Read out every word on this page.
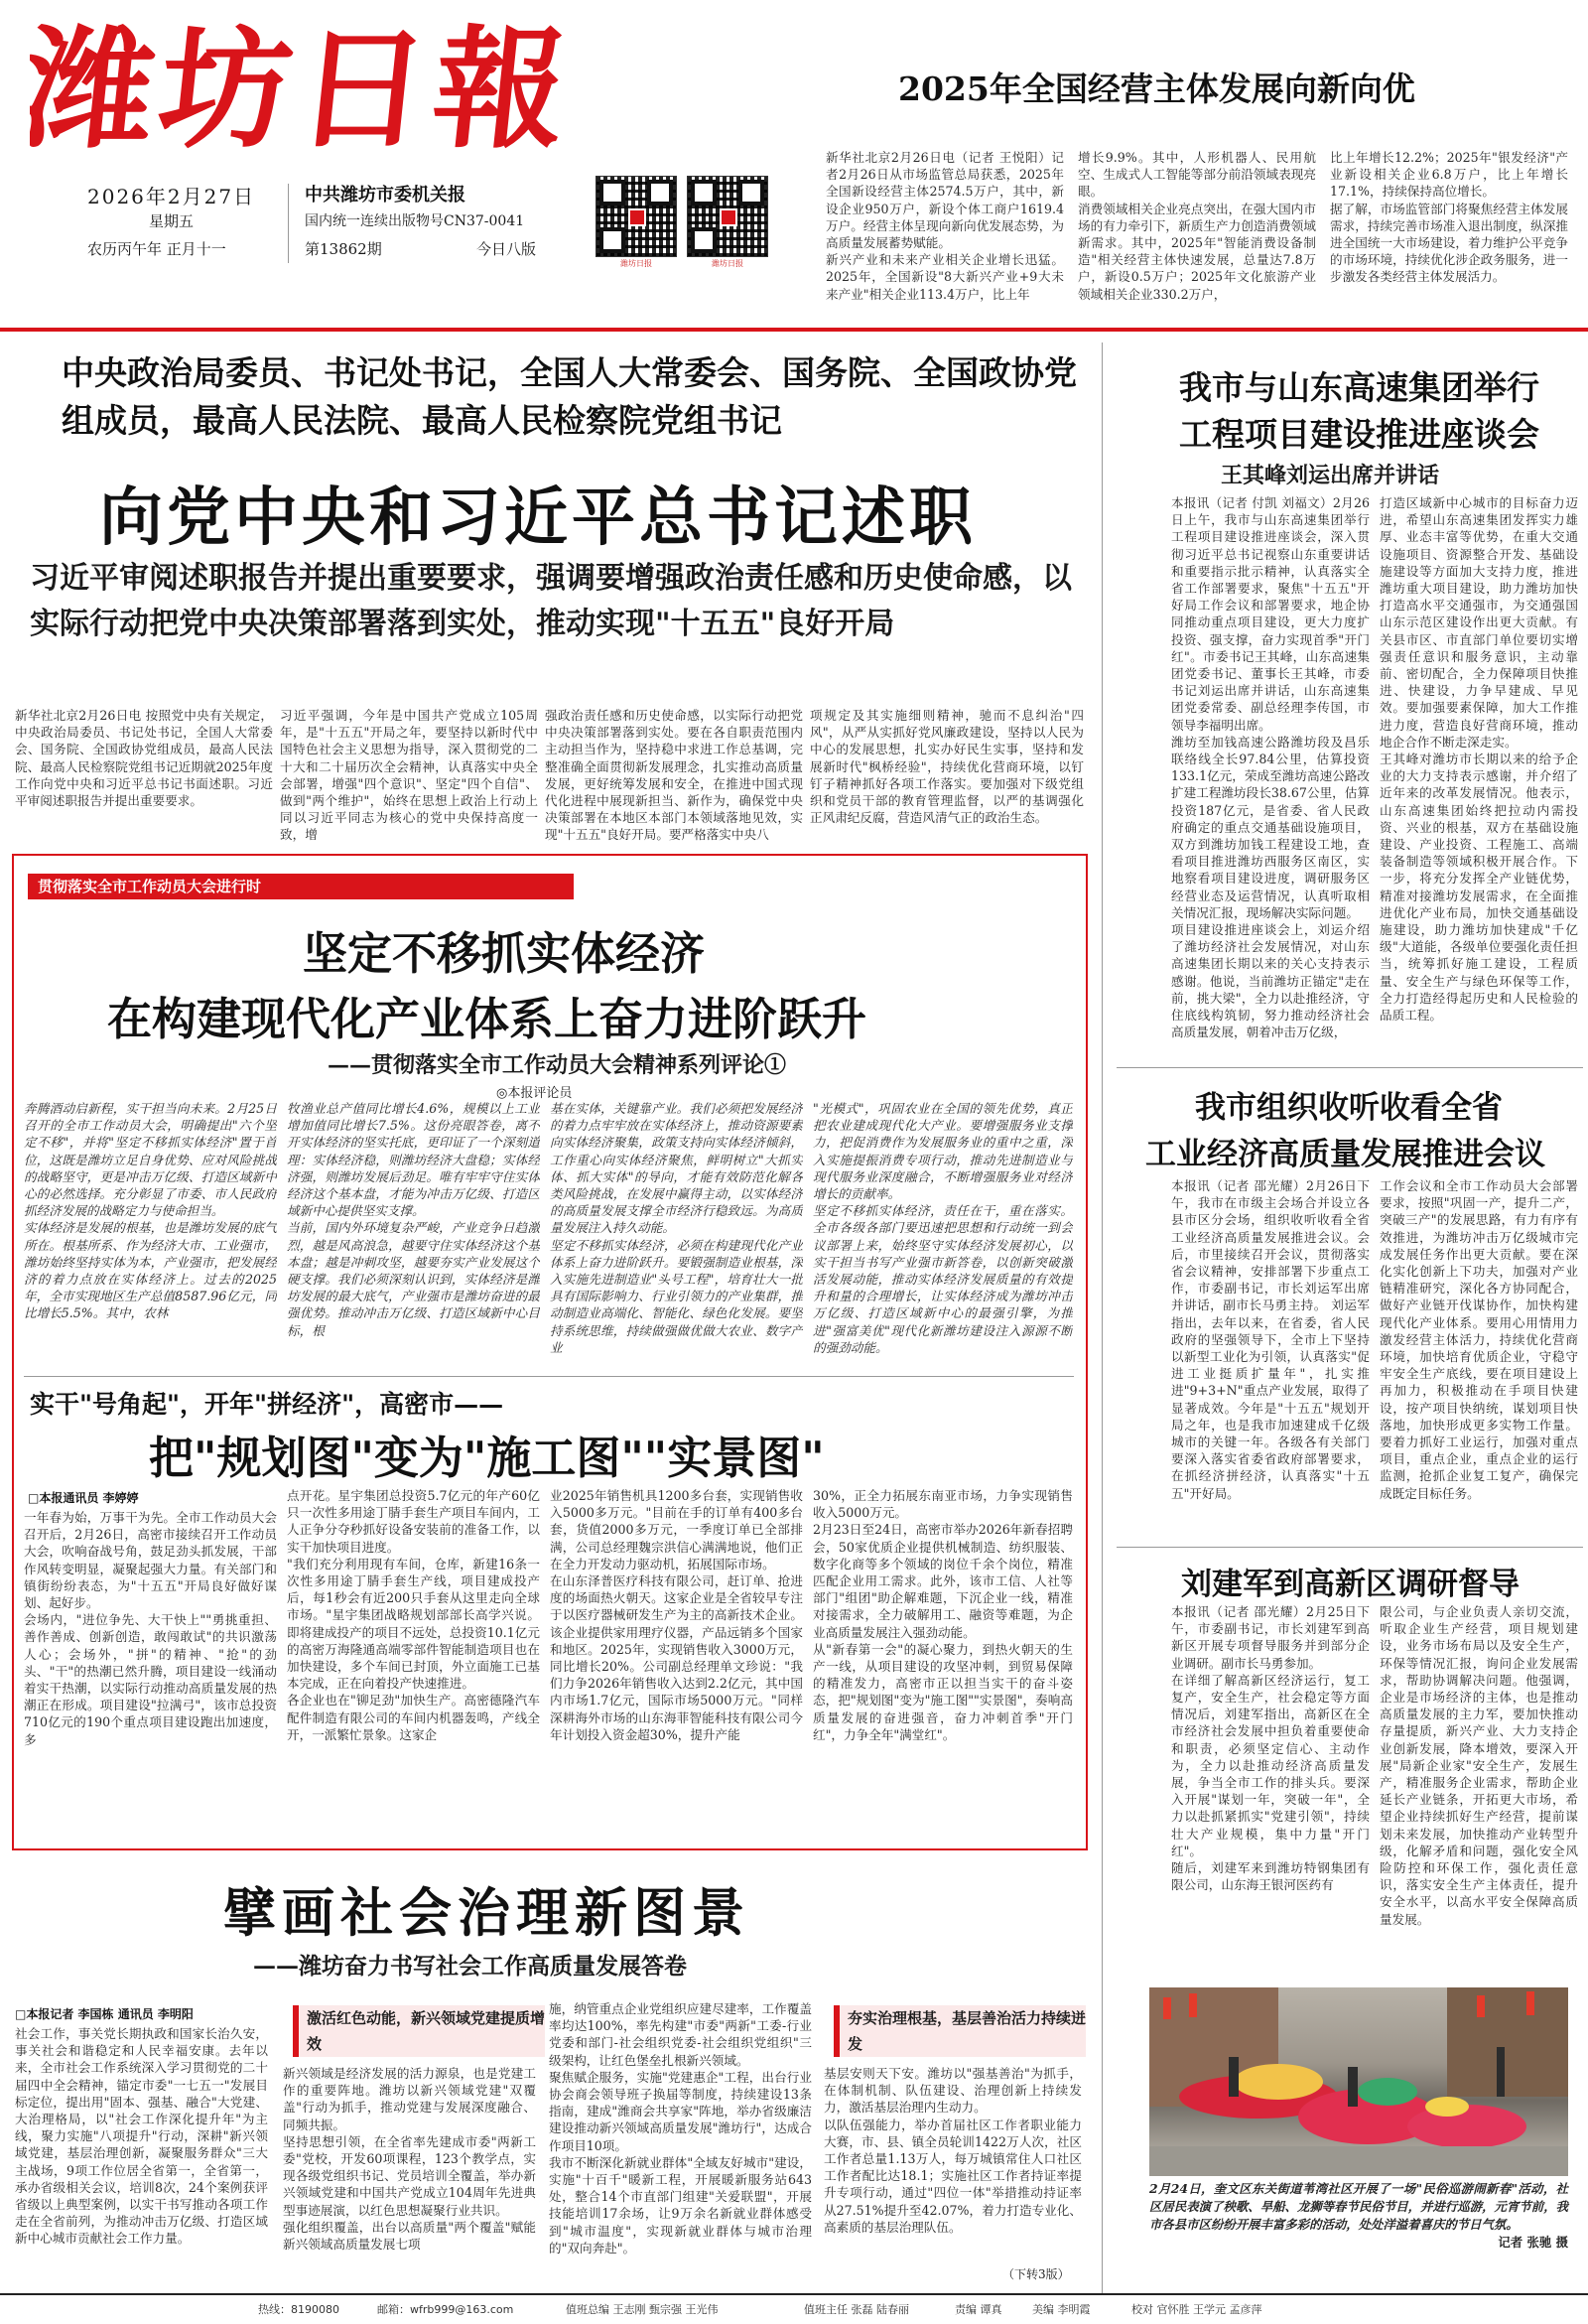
潍坊日報	2025年全国经营主体发展向新向优
2026年2月27日
星期五
农历丙午年 正月十一
中共潍坊市委机关报
国内统一连续出版物号CN37-0041
第13862期	今日八版
潍坊日报	潍坊日报
新华社北京2月26日电（记者 王悦阳）记者2月26日从市场监管总局获悉，2025年全国新设经营主体2574.5万户，其中，新设企业950万户，新设个体工商户1619.4万户。经营主体呈现向新向优发展态势，为高质量发展蓄势赋能。
新兴产业和未来产业相关企业增长迅猛。2025年，全国新设"8大新兴产业+9大未来产业"相关企业113.4万户，比上年
增长9.9%。其中，人形机器人、民用航空、生成式人工智能等部分前沿领域表现亮眼。
消费领域相关企业亮点突出，在强大国内市场的有力牵引下，新质生产力创造消费领域新需求。其中，2025年"智能消费设备制造"相关经营主体快速发展，总量达7.8万户，新设0.5万户；2025年文化旅游产业领域相关企业330.2万户，
比上年增长12.2%；2025年"银发经济"产业新设相关企业6.8万户，比上年增长17.1%，持续保持高位增长。
据了解，市场监管部门将聚焦经营主体发展需求，持续完善市场准入退出制度，纵深推进全国统一大市场建设，着力维护公平竞争的市场环境，持续优化涉企政务服务，进一步激发各类经营主体发展活力。
中央政治局委员、书记处书记，全国人大常委会、国务院、全国政协党组成员，最高人民法院、最高人民检察院党组书记
向党中央和习近平总书记述职
习近平审阅述职报告并提出重要要求，强调要增强政治责任感和历史使命感，以实际行动把党中央决策部署落到实处，推动实现"十五五"良好开局
新华社北京2月26日电 按照党中央有关规定，中央政治局委员、书记处书记，全国人大常委会、国务院、全国政协党组成员，最高人民法院、最高人民检察院党组书记近期就2025年度工作向党中央和习近平总书记书面述职。习近平审阅述职报告并提出重要要求。
习近平强调，今年是中国共产党成立105周年，是"十五五"开局之年，要坚持以新时代中国特色社会主义思想为指导，深入贯彻党的二十大和二十届历次全会精神，认真落实中央全会部署，增强"四个意识"、坚定"四个自信"、做到"两个维护"，始终在思想上政治上行动上同以习近平同志为核心的党中央保持高度一致，增
强政治责任感和历史使命感，以实际行动把党中央决策部署落到实处。要在各自职责范围内主动担当作为，坚持稳中求进工作总基调，完整准确全面贯彻新发展理念，扎实推动高质量发展，更好统筹发展和安全，在推进中国式现代化进程中展现新担当、新作为，确保党中央决策部署在本地区本部门本领域落地见效，实现"十五五"良好开局。要严格落实中央八
项规定及其实施细则精神，驰而不息纠治"四风"，从严从实抓好党风廉政建设，坚持以人民为中心的发展思想，扎实办好民生实事，坚持和发展新时代"枫桥经验"，持续优化营商环境，以钉钉子精神抓好各项工作落实。要加强对下级党组织和党员干部的教育管理监督，以严的基调强化正风肃纪反腐，营造风清气正的政治生态。
贯彻落实全市工作动员大会进行时
坚定不移抓实体经济
在构建现代化产业体系上奋力进阶跃升
——贯彻落实全市工作动员大会精神系列评论①
◎本报评论员
奔腾酒动启新程，实干担当向未来。2月25日召开的全市工作动员大会，明确提出"六个坚定不移"，并将"坚定不移抓实体经济"置于首位，这既是潍坊立足自身优势、应对风险挑战的战略坚守，更是冲击万亿级、打造区域新中心的必然选择。充分彰显了市委、市人民政府抓经济发展的战略定力与使命担当。
实体经济是发展的根基，也是潍坊发展的底气所在。根基所系、作为经济大市、工业强市，潍坊始终坚持实体为本，产业强市，把发展经济的着力点放在实体经济上。过去的2025年，全市实现地区生产总值8587.96亿元，同比增长5.5%。其中，农林
牧渔业总产值同比增长4.6%，规模以上工业增加值同比增长7.5%。这份亮眼答卷，离不开实体经济的坚实托底，更印证了一个深刻道理：实体经济稳，则潍坊经济大盘稳；实体经济强，则潍坊发展后劲足。唯有牢牢守住实体经济这个基本盘，才能为冲击万亿级、打造区域新中心提供坚实支撑。
当前，国内外环境复杂严峻，产业竞争日趋激烈，越是风高浪急，越要守住实体经济这个基本盘；越是冲刺攻坚，越要夯实产业发展这个硬支撑。我们必须深刻认识到，实体经济是潍坊发展的最大底气，产业强市是潍坊奋进的最强优势。推动冲击万亿级、打造区域新中心目标，根
基在实体，关键靠产业。我们必须把发展经济的着力点牢牢放在实体经济上，推动资源要素向实体经济聚集，政策支持向实体经济倾斜，工作重心向实体经济聚焦，鲜明树立"大抓实体、抓大实体"的导向，才能有效防范化解各类风险挑战，在发展中赢得主动，以实体经济的高质量发展支撑全市经济行稳致远。为高质量发展注入持久动能。
坚定不移抓实体经济，必须在构建现代化产业体系上奋力进阶跃升。要锻强制造业根基，深入实施先进制造业"头号工程"，培育壮大一批具有国际影响力、行业引领力的产业集群，推动制造业高端化、智能化、绿色化发展。要坚持系统思维，持续做强做优做大农业、数字产业
"光模式"，巩固农业在全国的领先优势，真正把农业建成现代化大产业。要增强服务业支撑力，把促消费作为发展服务业的重中之重，深入实施提振消费专项行动，推动先进制造业与现代服务业深度融合，不断增强服务业对经济增长的贡献率。
坚定不移抓实体经济，责任在干，重在落实。全市各级各部门要迅速把思想和行动统一到会议部署上来，始终坚守实体经济发展初心，以实干担当书写产业强市新答卷，以创新突破激活发展动能，推动实体经济发展质量的有效提升和量的合理增长，让实体经济成为潍坊冲击万亿级、打造区域新中心的最强引擎，为推进"强富美优"现代化新潍坊建设注入源源不断的强劲动能。
实干"号角起"，开年"拼经济"，高密市——
把"规划图"变为"施工图""实景图"
□本报通讯员 李婷婷
一年春为始，万事干为先。全市工作动员大会召开后，2月26日，高密市接续召开工作动员大会，吹响奋战号角，鼓足劲头抓发展，干部作风转变明显，凝聚起强大力量。有关部门和镇街纷纷表态，为"十五五"开局良好做好谋划、起好步。
会场内，"进位争先、大干快上""勇挑重担、善作善成、创新创造，敢闯敢试"的共识激荡人心；会场外，"拼"的精神、"抢"的劲头、"干"的热潮已然升腾，项目建设一线涌动着实干热潮，以实际行动推动高质量发展的热潮正在形成。项目建设"拉满弓"，该市总投资710亿元的190个重点项目建设跑出加速度，多
点开花。星宇集团总投资5.7亿元的年产60亿只一次性多用途丁腈手套生产项目车间内，工人正争分夺秒抓好设备安装前的准备工作，以实干加快项目进度。
"我们充分利用现有车间，仓库，新建16条一次性多用途丁腈手套生产线，项目建成投产后，每1秒会有近200只手套从这里走向全球市场。"星宇集团战略规划部部长高学兴说。即将建成投产的项目不远处，总投资10.1亿元的高密万海隆通高端零部件智能制造项目也在加快建设，多个车间已封顶，外立面施工已基本完成，正在向着投产快速推进。
各企业也在"铆足劲"加快生产。高密德隆汽车配件制造有限公司的车间内机器轰鸣，产线全开，一派繁忙景象。这家企
业2025年销售机具1200多台套，实现销售收入5000多万元。"目前在手的订单有400多台套，货值2000多万元，一季度订单已全部排满，公司总经理魏宗洪信心满满地说，他们正在全力开发动力驱动机，拓展国际市场。
在山东泽普医疗科技有限公司，赶订单、抢进度的场面热火朝天。这家企业是全省较早专注于以医疗器械研发生产为主的高新技术企业。该企业提供家用理疗仪器，产品远销多个国家和地区。2025年，实现销售收入3000万元，同比增长20%。公司副总经理单文珍说："我们力争2026年销售收入达到2.2亿元，其中国内市场1.7亿元，国际市场5000万元。"同样深耕海外市场的山东海菲智能科技有限公司今年计划投入资金超30%，提升产能
30%，正全力拓展东南亚市场，力争实现销售收入5000万元。
2月23日至24日，高密市举办2026年新春招聘会，50家优质企业提供机械制造、纺织服装、数字化商等多个领域的岗位千余个岗位，精准匹配企业用工需求。此外，该市工信、人社等部门"组团"助企解难题，下沉企业一线，精准对接需求，全力破解用工、融资等难题，为企业高质量发展注入强劲动能。
从"新春第一会"的凝心聚力，到热火朝天的生产一线，从项目建设的攻坚冲刺，到贸易保障的精准发力，高密市正以担当实干的奋斗姿态，把"规划图"变为"施工图""实景图"，奏响高质量发展的奋进强音，奋力冲刺首季"开门红"，力争全年"满堂红"。
擘画社会治理新图景
——潍坊奋力书写社会工作高质量发展答卷
□本报记者 李国栋 通讯员 李明阳
社会工作，事关党长期执政和国家长治久安，事关社会和谐稳定和人民幸福安康。去年以来，全市社会工作系统深入学习贯彻党的二十届四中全会精神，锚定市委"一七五一"发展目标定位，提出用"固本、强基、融合"大党建、大治理格局，以"社会工作深化提升年"为主线，聚力实施"八项提升"行动，深耕"新兴领域党建，基层治理创新，凝聚服务群众"三大主战场，9项工作位居全省第一，全省第一，承办省级相关会议，培训8次，24个案例获评省级以上典型案例，以实干书写推动各项工作走在全省前列，为推动冲击万亿级、打造区域新中心城市贡献社会工作力量。
激活红色动能，新兴领域党建提质增效
新兴领域是经济发展的活力源泉，也是党建工作的重要阵地。潍坊以新兴领域党建"双覆盖"行动为抓手，推动党建与发展深度融合、同频共振。
坚持思想引领，在全省率先建成市委"两新工委"党校，开发60项课程，123个教学点，实现各级党组织书记、党员培训全覆盖，举办新兴领域党建和中国共产党成立104周年先进典型事迹展演，以红色思想凝聚行业共识。
强化组织覆盖，出台以高质量"两个覆盖"赋能新兴领域高质量发展七项
施，纳管重点企业党组织应建尽建率，工作覆盖率均达100%，率先构建"市委"两新"工委-行业党委和部门-社会组织党委-社会组织党组织"三级架构，让红色堡垒扎根新兴领域。
聚焦赋企服务，实施"党建惠企"工程，出台行业协会商会领导班子换届等制度，持续建设13条指南，建成"潍商会共享家"阵地，举办省级廉洁建设推动新兴领域高质量发展"潍坊行"，达成合作项目10项。
我市不断深化新就业群体"全域友好城市"建设，实施"十百千"暖新工程，开展暖新服务站643处，整合14个市直部门组建"关爱联盟"，开展技能培训17余场，让9万余名新就业群体感受到"城市温度"，实现新就业群体与城市治理的"双向奔赴"。
夯实治理根基，基层善治活力持续迸发
基层安则天下安。潍坊以"强基善治"为抓手，在体制机制、队伍建设、治理创新上持续发力，激活基层治理内生动力。
以队伍强能力，举办首届社区工作者职业能力大赛，市、县、镇全员轮训1422万人次，社区工作者总量1.13万人，每万城镇常住人口社区工作者配比达18.1；实施社区工作者持证率提升专项行动，通过"四位一体"举措推动持证率从27.51%提升至42.07%，着力打造专业化、高素质的基层治理队伍。
（下转3版）
我市与山东高速集团举行
工程项目建设推进座谈会
王其峰刘运出席并讲话
本报讯（记者 付凯 刘福文）2月26日上午，我市与山东高速集团举行工程项目建设推进座谈会，深入贯彻习近平总书记视察山东重要讲话和重要指示批示精神，认真落实全省工作部署要求，聚焦"十五五"开好局工作会议和部署要求，地企协同推动重点项目建设，更大力度扩投资、强支撑，奋力实现首季"开门红"。市委书记王其峰，山东高速集团党委书记、董事长王其峰，市委书记刘运出席并讲话，山东高速集团党委常委、副总经理李传国，市领导李福明出席。
潍坊至加钱高速公路潍坊段及昌乐联络线全长97.84公里，估算投资133.1亿元，荣成至潍坊高速公路改扩建工程潍坊段长38.67公里，估算投资187亿元，是省委、省人民政府确定的重点交通基础设施项目，双方到潍坊加钱工程建设工地，查看项目推进潍坊西服务区南区，实地察看项目建设进度，调研服务区经营业态及运营情况，认真听取相关情况汇报，现场解决实际问题。
项目建设推进座谈会上，刘运介绍了潍坊经济社会发展情况，对山东高速集团长期以来的关心支持表示感谢。他说，当前潍坊正锚定"走在前，挑大梁"，全力以赴推经济，守住底线构筑韧，努力推动经济社会高质量发展，朝着冲击万亿级，
打造区域新中心城市的目标奋力迈进，希望山东高速集团发挥实力雄厚、业态丰富等优势，在重大交通设施项目、资源整合开发、基础设施建设等方面加大支持力度，推进潍坊重大项目建设，助力潍坊加快打造高水平交通强市，为交通强国山东示范区建设作出更大贡献。有关县市区、市直部门单位要切实增强责任意识和服务意识，主动靠前、密切配合，全力保障项目快推进、快建设，力争早建成、早见效。要加强要素保障，加大工作推进力度，营造良好营商环境，推动地企合作不断走深走实。
王其峰对潍坊市长期以来的给予企业的大力支持表示感谢，并介绍了近年来的改革发展情况。他表示，山东高速集团始终把拉动内需投资、兴业的根基，双方在基础设施建设、产业投资、工程施工、高端装备制造等领域积极开展合作。下一步，将充分发挥全产业链优势，精准对接潍坊发展需求，在全面推进优化产业布局，加快交通基础设施建设，助力潍坊加快建成"千亿级"大道能，各级单位要强化责任担当，统筹抓好施工建设，工程质量、安全生产与绿色环保等工作，全力打造经得起历史和人民检验的品质工程。
我市组织收听收看全省
工业经济高质量发展推进会议
本报讯（记者 邵光耀）2月26日下午，我市在市级主会场合并设立各县市区分会场，组织收听收看全省工业经济高质量发展推进会议。会后，市里接续召开会议，贯彻落实省会议精神，安排部署下步重点工作，市委副书记，市长刘运军出席并讲话，副市长马勇主持。 刘运军指出，去年以来，在省委，省人民政府的坚强领导下，全市上下坚持以新型工业化为引领，认真落实"促进工业挺质扩量年"，扎实推进"9+3+N"重点产业发展，取得了显著成效。今年是"十五五"规划开局之年，也是我市加速建成千亿级城市的关键一年。各级各有关部门要深入落实省委省政府部署要求，在抓经济拼经济，认真落实"十五五"开好局。
工作会议和全市工作动员大会部署要求，按照"巩固一产，提升二产，突破三产"的发展思路，有力有序有效推进，为潍坊冲击万亿级城市完成发展任务作出更大贡献。要在深化实化创新上下功夫，加强对产业链精准研究，深化各方协同配合，做好产业链开伐谋协作，加快构建现代化产业体系。要用心用情用力激发经营主体活力，持续优化营商环境，加快培育优质企业，守稳守牢安全生产底线，要在项目建设上再加力，积极推动在手项目快建设，按产项目快纳统，谋划项目快落地，加快形成更多实物工作量。要着力抓好工业运行，加强对重点项目，重点企业，重点企业的运行监测，抢抓企业复工复产，确保完成既定目标任务。
刘建军到高新区调研督导
本报讯（记者 邵光耀）2月25日下午，市委副书记，市长刘建军到高新区开展专项督导服务并到部分企业调研。副市长马勇参加。
在详细了解高新区经济运行，复工复产，安全生产，社会稳定等方面情况后，刘建军指出，高新区在全市经济社会发展中担负着重要使命和职责，必须坚定信心、主动作为，全力以赴推动经济高质量发展，争当全市工作的排头兵。要深入开展"谋划一年，突破一年"，全力以赴抓紧抓实"党建引领"，持续壮大产业规模，集中力量"开门红"。
随后，刘建军来到潍坊特钢集团有限公司，山东海王银河医药有
限公司，与企业负责人亲切交流，听取企业生产经营，项目规划建设，业务市场布局以及安全生产，环保等情况汇报，询问企业发展需求，帮助协调解决问题。他强调，企业是市场经济的主体，也是推动高质量发展的主力军，要加快推动存量提质，新兴产业、大力支持企业创新发展，降本增效，要深入开展"局新企业家"安全生产，发展生产，精准服务企业需求，帮助企业延长产业链条，开拓更大市场，希望企业持续抓好生产经营，提前谋划未来发展，加快推动产业转型升级，化解矛盾和问题，强化安全风险防控和环保工作，强化责任意识，落实安全生产主体责任，提升安全水平，以高水平安全保障高质量发展。
2月24日，奎文区东关街道苇湾社区开展了一场"民俗巡游闹新春"活动，社区居民表演了秧歌、旱船、龙狮等春节民俗节目，并进行巡游，元宵节前，我市各县市区纷纷开展丰富多彩的活动，处处洋溢着喜庆的节日气氛。
记者 张驰 摄
热线：8190080	邮箱：wfrb999@163.com	值班总编 王志刚 甄宗强 王光伟	值班主任 张磊 陆春丽	责编 谭真	美编 李明霞	校对 官怀胜 王学元 孟彦萍
